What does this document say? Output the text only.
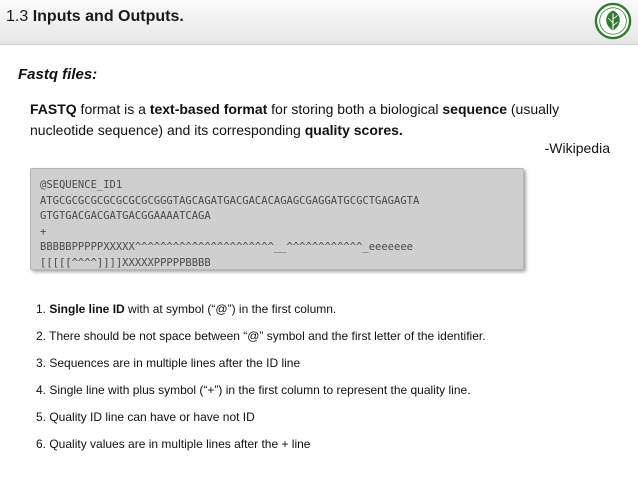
1.3 Inputs and Outputs.
Fastq files:
FASTQ format is a text-based format for storing both a biological sequence (usually nucleotide sequence) and its corresponding quality scores.
-Wikipedia
@SEQUENCE_ID1
ATGCGCGCGCGCGCGCGCGGGTAGCAGATGACGACACAGAGCGAGGATGCGCTGAGAGTA
GTGTGACGACGATGACGGAAAATCAGA
+
BBBBBPPPPPXXXXX^^^^^^^^^^^^^^^^^^^^^^__^^^^^^^^^^^^_eeeeeee
[[[[[^^^^]]]]XXXXXPPPPPBBBB
1. Single line ID with at symbol (“@”) in the first column.
2. There should be not space between “@” symbol and the first letter of the identifier.
3. Sequences are in multiple lines after the ID line
4. Single line with plus symbol (“+”) in the first column to represent the quality line.
5. Quality ID line can have or have not ID
6. Quality values are in multiple lines after the + line
